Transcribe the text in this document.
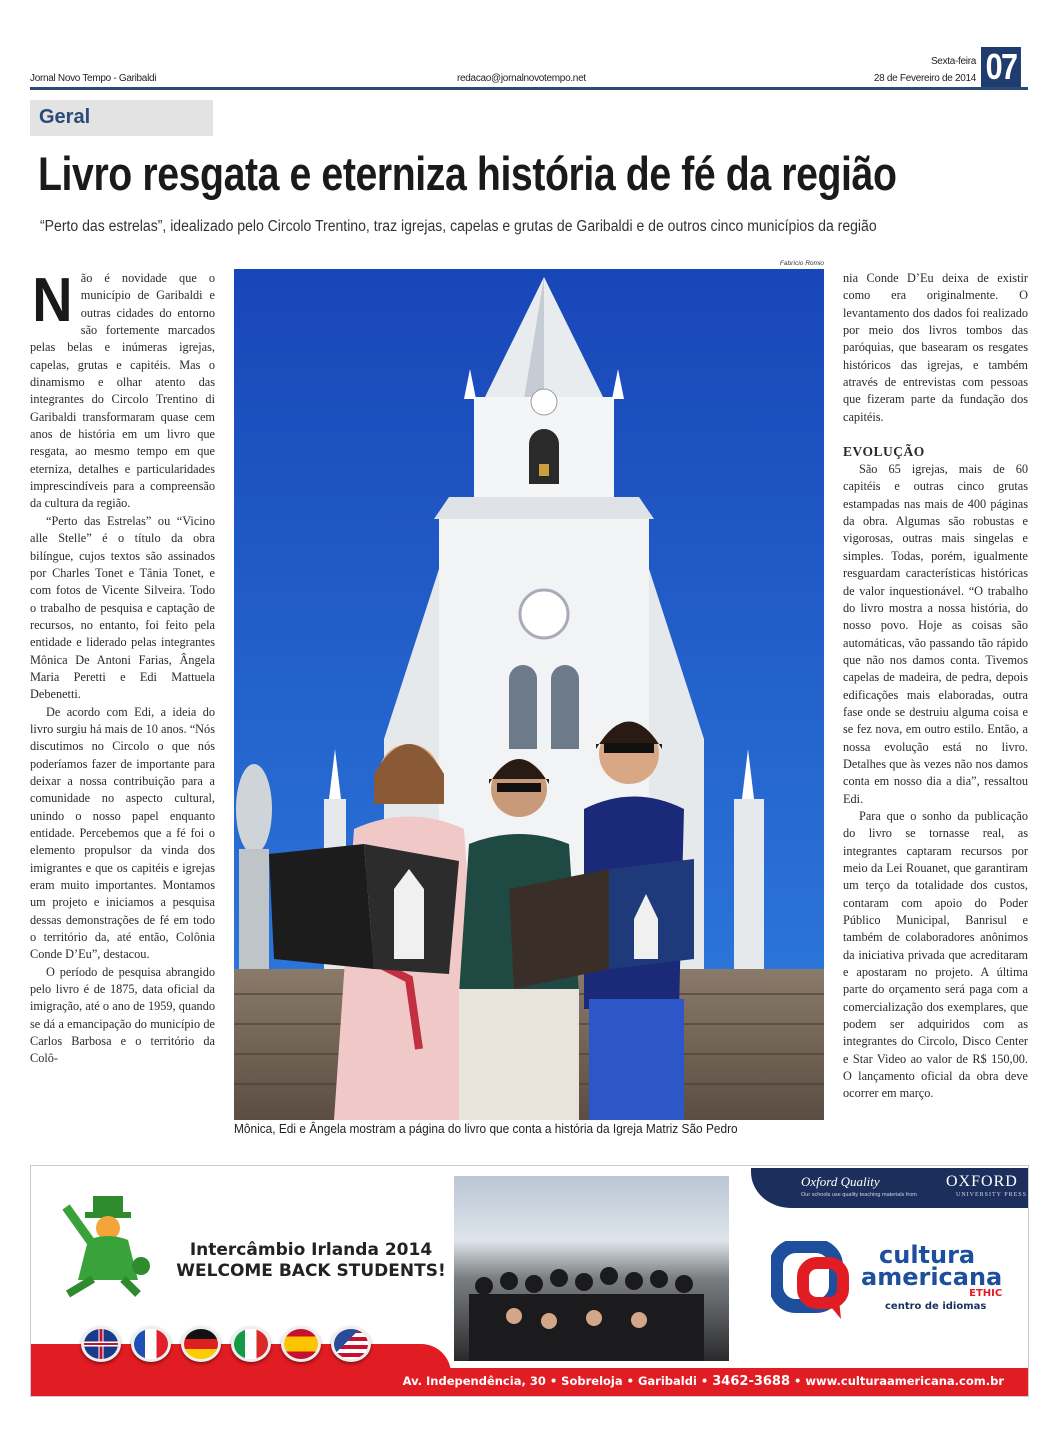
Jornal Novo Tempo - Garibaldi	redacao@jornalnovotempo.net
Sexta-feira
28 de Fevereiro de 2014 07
Geral
Livro resgata e eterniza história de fé da região
“Perto das estrelas”, idealizado pelo Circolo Trentino, traz igrejas, capelas e grutas de Garibaldi e de outros cinco municípios da região

Não é novidade que o município de Garibaldi e outras cidades do entorno são fortemente marcados pelas belas e inúmeras igrejas, capelas, grutas e capitéis. Mas o dinamismo e olhar atento das integrantes do Circolo Trentino di Garibaldi transformaram quase cem anos de história em um livro que resgata, ao mesmo tempo em que eterniza, detalhes e particularidades imprescindíveis para a compreensão da cultura da região.

“Perto das Estrelas” ou “Vicino alle Stelle” é o título da obra bilíngue, cujos textos são assinados por Charles Tonet e Tânia Tonet, e com fotos de Vicente Silveira. Todo o trabalho de pesquisa e captação de recursos, no entanto, foi feito pela entidade e liderado pelas integrantes Mônica De Antoni Farias, Ângela Maria Peretti e Edi Mattuela Debenetti.

De acordo com Edi, a ideia do livro surgiu há mais de 10 anos. “Nós discutimos no Circolo o que nós poderíamos fazer de importante para deixar a nossa contribuição para a comunidade no aspecto cultural, unindo o nosso papel enquanto entidade. Percebemos que a fé foi o elemento propulsor da vinda dos imigrantes e que os capitéis e igrejas eram muito importantes. Montamos um projeto e iniciamos a pesquisa dessas demonstrações de fé em todo o território da, até então, Colônia Conde D’Eu”, destacou.

O período de pesquisa abrangido pelo livro é de 1875, data oficial da imigração, até o ano de 1959, quando se dá a emancipação do município de Carlos Barbosa e o território da Colô-

Fabrício Romio
Mônica, Edi e Ângela mostram a página do livro que conta a história da Igreja Matriz São Pedro

nia Conde D’Eu deixa de existir como era originalmente. O levantamento dos dados foi realizado por meio dos livros tombos das paróquias, que basearam os resgates históricos das igrejas, e também através de entrevistas com pessoas que fizeram parte da fundação dos capitéis.

EVOLUÇÃO

São 65 igrejas, mais de 60 capitéis e outras cinco grutas estampadas nas mais de 400 páginas da obra. Algumas são robustas e vigorosas, outras mais singelas e simples. Todas, porém, igualmente resguardam características históricas de valor inquestionável. “O trabalho do livro mostra a nossa história, do nosso povo. Hoje as coisas são automáticas, vão passando tão rápido que não nos damos conta. Tivemos capelas de madeira, de pedra, depois edificações mais elaboradas, outra fase onde se destruiu alguma coisa e se fez nova, em outro estilo. Então, a nossa evolução está no livro. Detalhes que às vezes não nos damos conta em nosso dia a dia”, ressaltou Edi.

Para que o sonho da publicação do livro se tornasse real, as integrantes captaram recursos por meio da Lei Rouanet, que garantiram um terço da totalidade dos custos, contaram com apoio do Poder Público Municipal, Banrisul e também de colaboradores anônimos da iniciativa privada que acreditaram e apostaram no projeto. A última parte do orçamento será paga com a comercialização dos exemplares, que podem ser adquiridos com as integrantes do Circolo, Disco Center e Star Video ao valor de R$ 150,00. O lançamento oficial da obra deve ocorrer em março.

Intercâmbio Irlanda 2014
WELCOME BACK STUDENTS!
Oxford Quality
Our schools use quality teaching materials from
OXFORD
UNIVERSITY PRESS
cultura
americana
ETHIC
centro de idiomas
Av. Independência, 30 • Sobreloja • Garibaldi • 3462-3688 • www.culturaamericana.com.br
